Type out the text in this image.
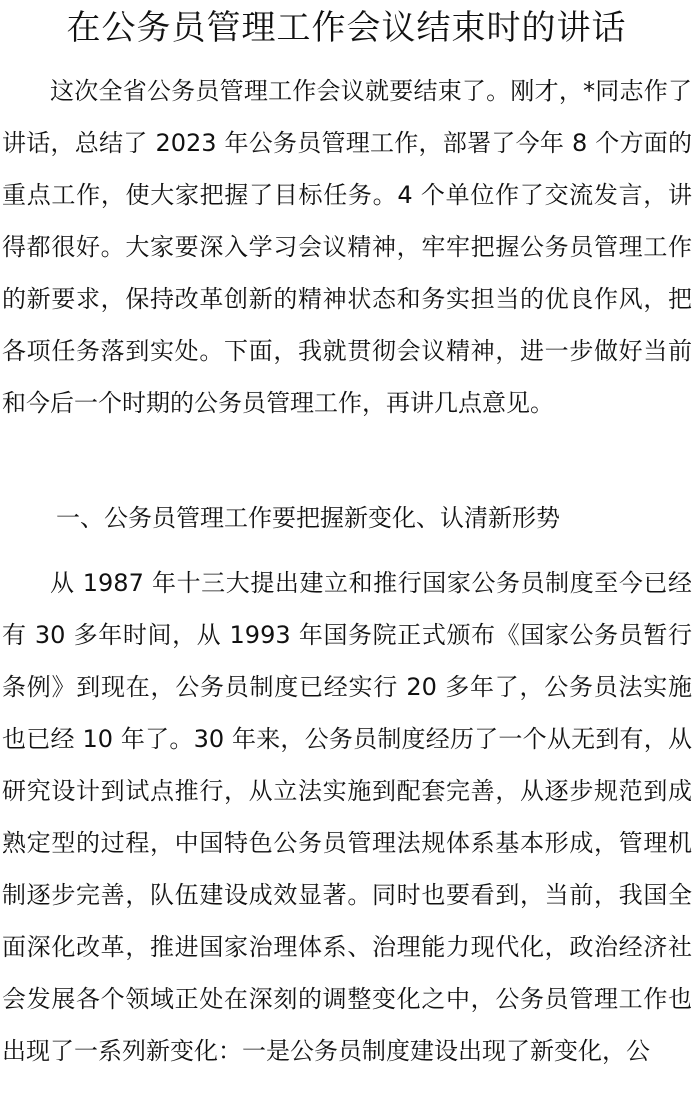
在公务员管理工作会议结束时的讲话

这次全省公务员管理工作会议就要结束了。刚才，*同志作了讲话，总结了 2023 年公务员管理工作，部署了今年 8 个方面的重点工作，使大家把握了目标任务。4 个单位作了交流发言，讲得都很好。大家要深入学习会议精神，牢牢把握公务员管理工作的新要求，保持改革创新的精神状态和务实担当的优良作风，把各项任务落到实处。下面，我就贯彻会议精神，进一步做好当前和今后一个时期的公务员管理工作，再讲几点意见。

一、公务员管理工作要把握新变化、认清新形势

从 1987 年十三大提出建立和推行国家公务员制度至今已经有 30 多年时间，从 1993 年国务院正式颁布《国家公务员暂行条例》到现在，公务员制度已经实行 20 多年了，公务员法实施也已经 10 年了。30 年来，公务员制度经历了一个从无到有，从研究设计到试点推行，从立法实施到配套完善，从逐步规范到成熟定型的过程，中国特色公务员管理法规体系基本形成，管理机制逐步完善，队伍建设成效显著。同时也要看到，当前，我国全面深化改革，推进国家治理体系、治理能力现代化，政治经济社会发展各个领域正处在深刻的调整变化之中，公务员管理工作也出现了一系列新变化：一是公务员制度建设出现了新变化，公
